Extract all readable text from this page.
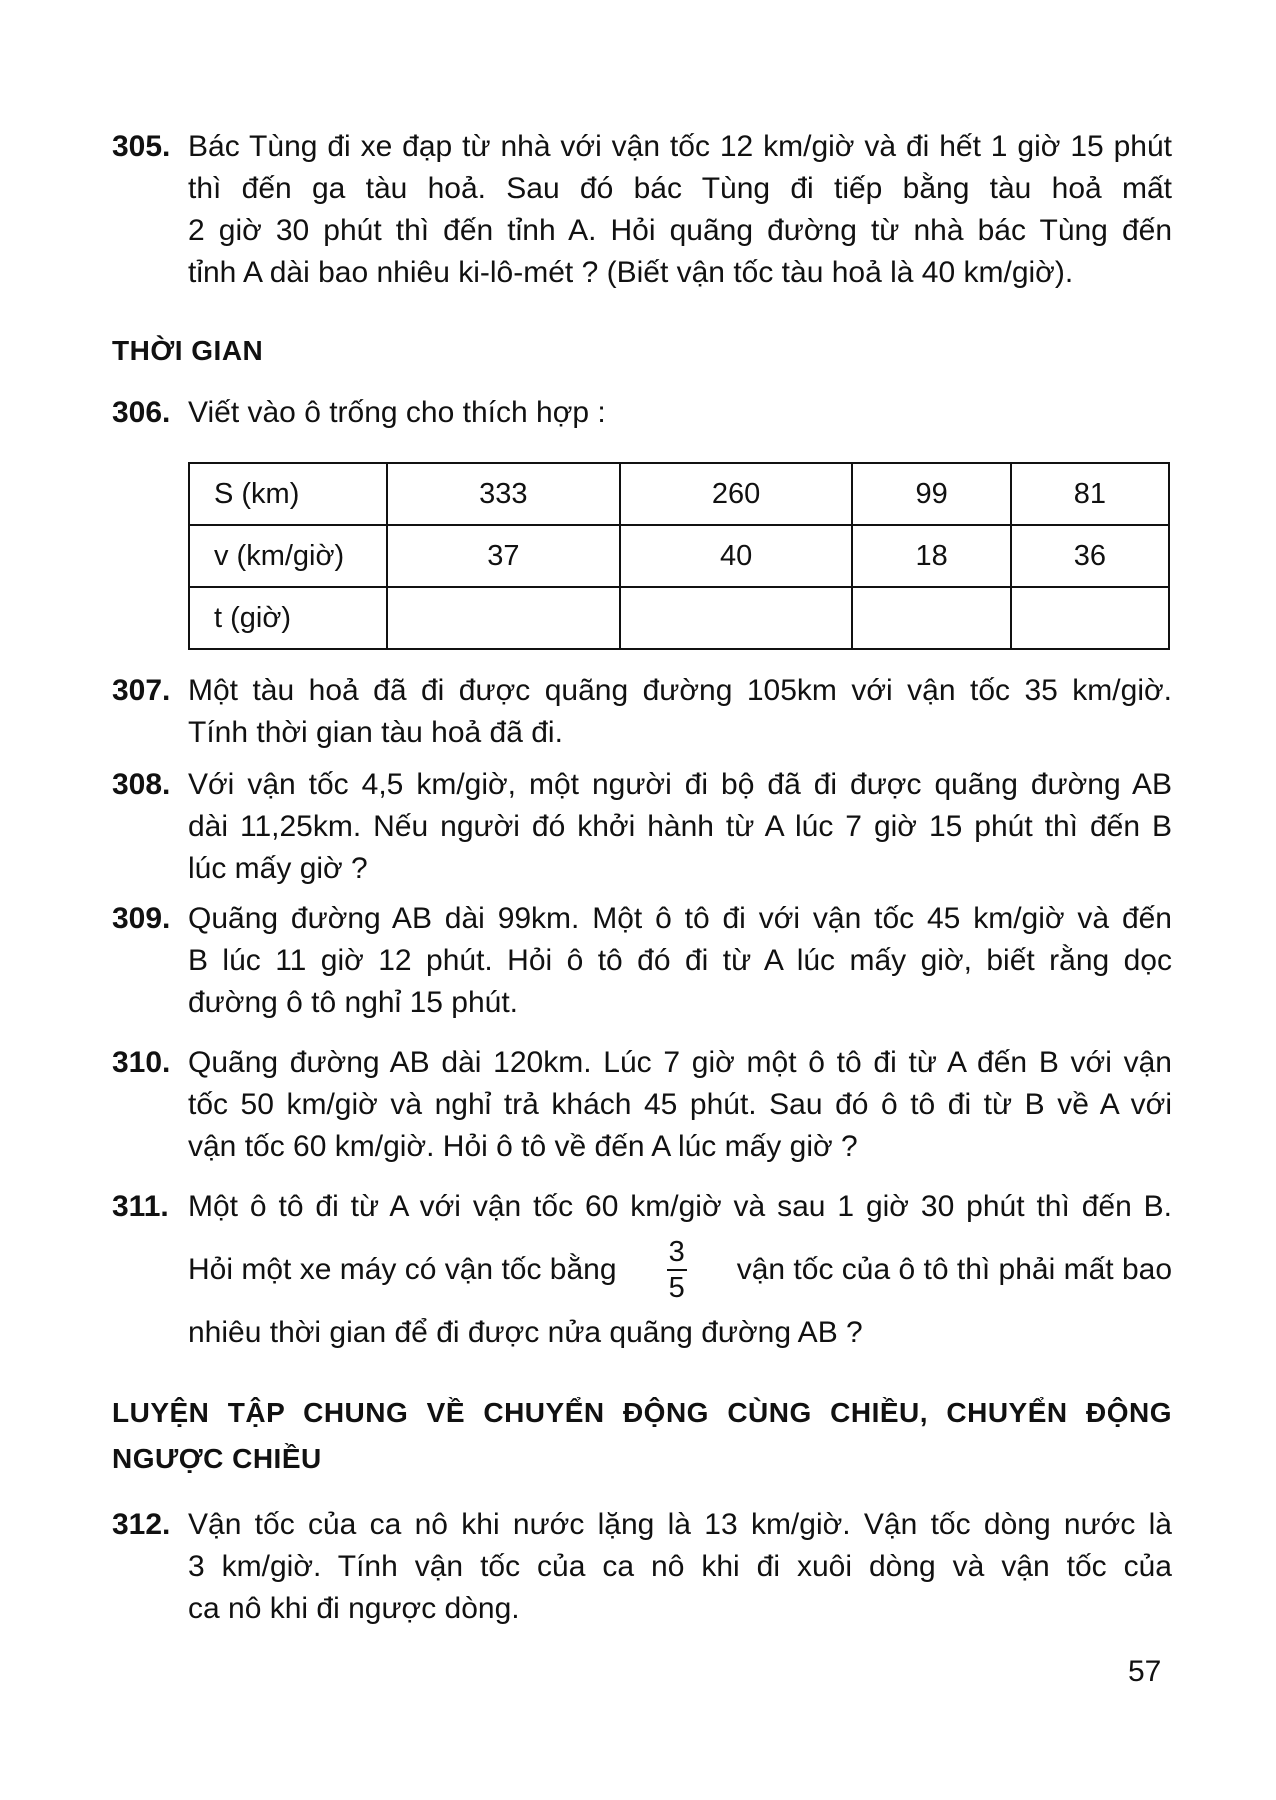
305. Bác Tùng đi xe đạp từ nhà với vận tốc 12 km/giờ và đi hết 1 giờ 15 phút
thì đến ga tàu hoả. Sau đó bác Tùng đi tiếp bằng tàu hoả mất
2 giờ 30 phút thì đến tỉnh A. Hỏi quãng đường từ nhà bác Tùng đến
tỉnh A dài bao nhiêu ki-lô-mét ? (Biết vận tốc tàu hoả là 40 km/giờ).
THỜI GIAN
306. Viết vào ô trống cho thích hợp :
S (km)	333	260	99	81
v (km/giờ)	37	40	18	36
t (giờ)				
307. Một tàu hoả đã đi được quãng đường 105km với vận tốc 35 km/giờ.
Tính thời gian tàu hoả đã đi.
308. Với vận tốc 4,5 km/giờ, một người đi bộ đã đi được quãng đường AB
dài 11,25km. Nếu người đó khởi hành từ A lúc 7 giờ 15 phút thì đến B
lúc mấy giờ ?
309. Quãng đường AB dài 99km. Một ô tô đi với vận tốc 45 km/giờ và đến
B lúc 11 giờ 12 phút. Hỏi ô tô đó đi từ A lúc mấy giờ, biết rằng dọc
đường ô tô nghỉ 15 phút.
310. Quãng đường AB dài 120km. Lúc 7 giờ một ô tô đi từ A đến B với vận
tốc 50 km/giờ và nghỉ trả khách 45 phút. Sau đó ô tô đi từ B về A với
vận tốc 60 km/giờ. Hỏi ô tô về đến A lúc mấy giờ ?
311. Một ô tô đi từ A với vận tốc 60 km/giờ và sau 1 giờ 30 phút thì đến B.
Hỏi một xe máy có vận tốc bằng $\frac{3}{5}$ vận tốc của ô tô thì phải mất bao
nhiêu thời gian để đi được nửa quãng đường AB ?
LUYỆN TẬP CHUNG VỀ CHUYỂN ĐỘNG CÙNG CHIỀU, CHUYỂN ĐỘNG
NGƯỢC CHIỀU
312. Vận tốc của ca nô khi nước lặng là 13 km/giờ. Vận tốc dòng nước là
3 km/giờ. Tính vận tốc của ca nô khi đi xuôi dòng và vận tốc của
ca nô khi đi ngược dòng.
57
